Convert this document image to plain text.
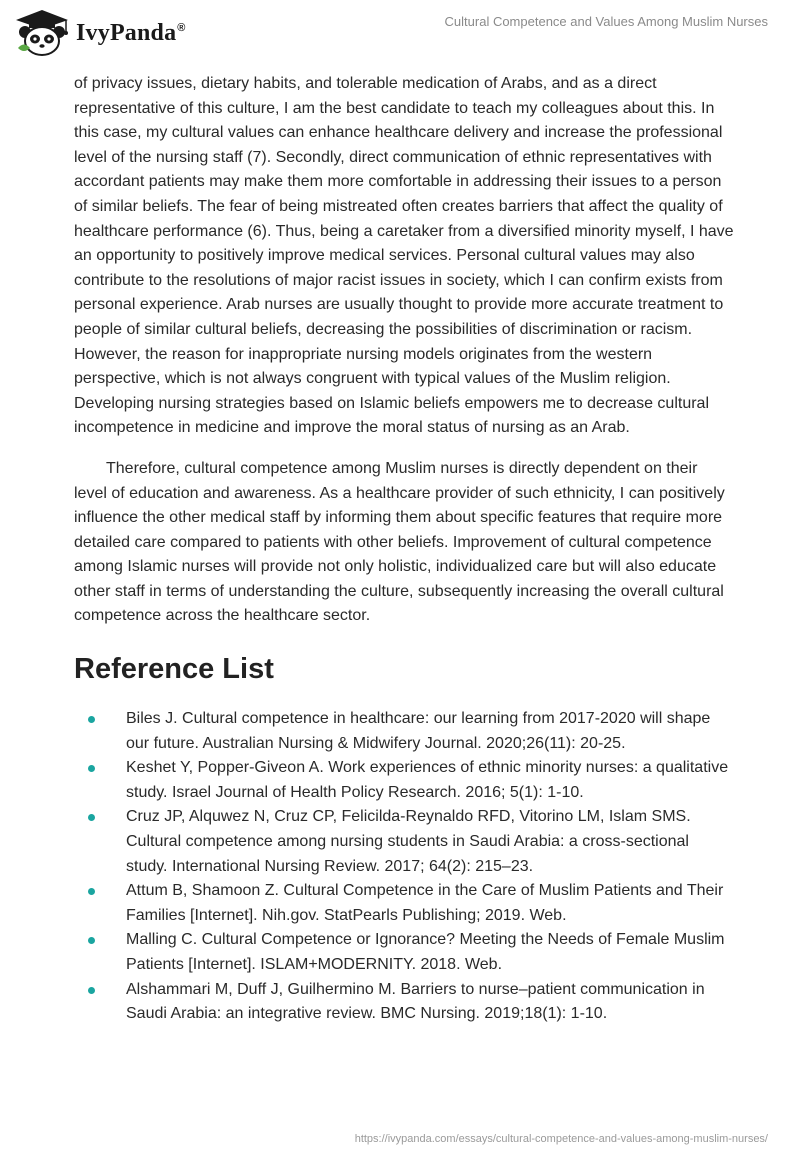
IvyPanda®	Cultural Competence and Values Among Muslim Nurses

of privacy issues, dietary habits, and tolerable medication of Arabs, and as a direct representative of this culture, I am the best candidate to teach my colleagues about this. In this case, my cultural values can enhance healthcare delivery and increase the professional level of the nursing staff (7). Secondly, direct communication of ethnic representatives with accordant patients may make them more comfortable in addressing their issues to a person of similar beliefs. The fear of being mistreated often creates barriers that affect the quality of healthcare performance (6). Thus, being a caretaker from a diversified minority myself, I have an opportunity to positively improve medical services. Personal cultural values may also contribute to the resolutions of major racist issues in society, which I can confirm exists from personal experience. Arab nurses are usually thought to provide more accurate treatment to people of similar cultural beliefs, decreasing the possibilities of discrimination or racism. However, the reason for inappropriate nursing models originates from the western perspective, which is not always congruent with typical values of the Muslim religion. Developing nursing strategies based on Islamic beliefs empowers me to decrease cultural incompetence in medicine and improve the moral status of nursing as an Arab.

Therefore, cultural competence among Muslim nurses is directly dependent on their level of education and awareness. As a healthcare provider of such ethnicity, I can positively influence the other medical staff by informing them about specific features that require more detailed care compared to patients with other beliefs. Improvement of cultural competence among Islamic nurses will provide not only holistic, individualized care but will also educate other staff in terms of understanding the culture, subsequently increasing the overall cultural competence across the healthcare sector.

Reference List
Biles J. Cultural competence in healthcare: our learning from 2017-2020 will shape our future. Australian Nursing & Midwifery Journal. 2020;26(11): 20-25.
Keshet Y, Popper-Giveon A. Work experiences of ethnic minority nurses: a qualitative study. Israel Journal of Health Policy Research. 2016; 5(1): 1-10.
Cruz JP, Alquwez N, Cruz CP, Felicilda-Reynaldo RFD, Vitorino LM, Islam SMS. Cultural competence among nursing students in Saudi Arabia: a cross-sectional study. International Nursing Review. 2017; 64(2): 215–23.
Attum B, Shamoon Z. Cultural Competence in the Care of Muslim Patients and Their Families [Internet]. Nih.gov. StatPearls Publishing; 2019. Web.
Malling C. Cultural Competence or Ignorance? Meeting the Needs of Female Muslim Patients [Internet]. ISLAM+MODERNITY. 2018. Web.
Alshammari M, Duff J, Guilhermino M. Barriers to nurse–patient communication in Saudi Arabia: an integrative review. BMC Nursing. 2019;18(1): 1-10.
https://ivypanda.com/essays/cultural-competence-and-values-among-muslim-nurses/
